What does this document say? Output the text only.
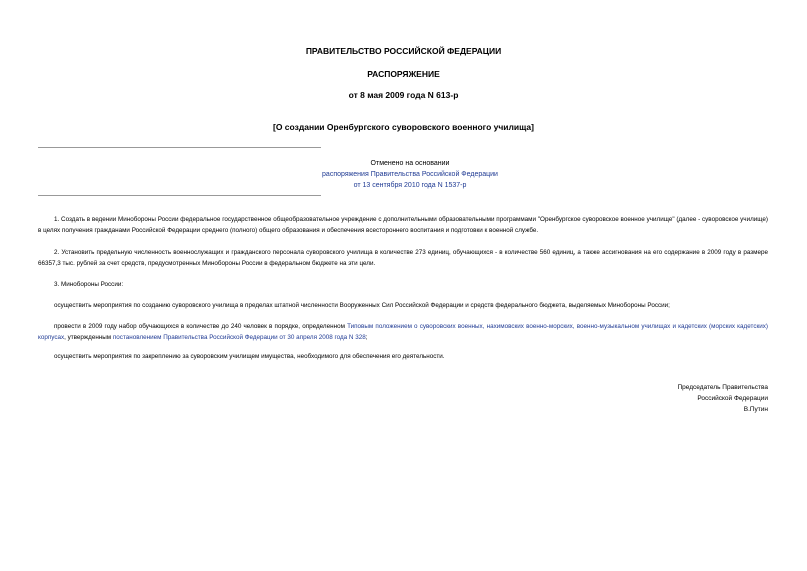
ПРАВИТЕЛЬСТВО РОССИЙСКОЙ ФЕДЕРАЦИИ
РАСПОРЯЖЕНИЕ
от 8 мая 2009 года N 613-р
[О создании Оренбургского суворовского военного училища]
Отменено на основании
распоряжения Правительства Российской Федерации
от 13 сентября 2010 года N 1537-р
1. Создать в ведении Минобороны России федеральное государственное общеобразовательное учреждение с дополнительными образовательными программами "Оренбургское суворовское военное училище" (далее - суворовское училище) в целях получения гражданами Российской Федерации среднего (полного) общего образования и обеспечения всестороннего воспитания и подготовки к военной службе.
2. Установить предельную численность военнослужащих и гражданского персонала суворовского училища в количестве 273 единиц, обучающихся - в количестве 560 единиц, а также ассигнования на его содержание в 2009 году в размере 66357,3 тыс. рублей за счет средств, предусмотренных Минобороны России в федеральном бюджете на эти цели.
3. Минобороны России:
осуществить мероприятия по созданию суворовского училища в пределах штатной численности Вооруженных Сил Российской Федерации и средств федерального бюджета, выделяемых Минобороны России;
провести в 2009 году набор обучающихся в количестве до 240 человек в порядке, определенном Типовым положением о суворовских военных, нахимовских военно-морских, военно-музыкальном училищах и кадетских (морских кадетских) корпусах, утвержденным постановлением Правительства Российской Федерации от 30 апреля 2008 года N 328;
осуществить мероприятия по закреплению за суворовским училищем имущества, необходимого для обеспечения его деятельности.
Председатель Правительства
Российской Федерации
В.Путин
